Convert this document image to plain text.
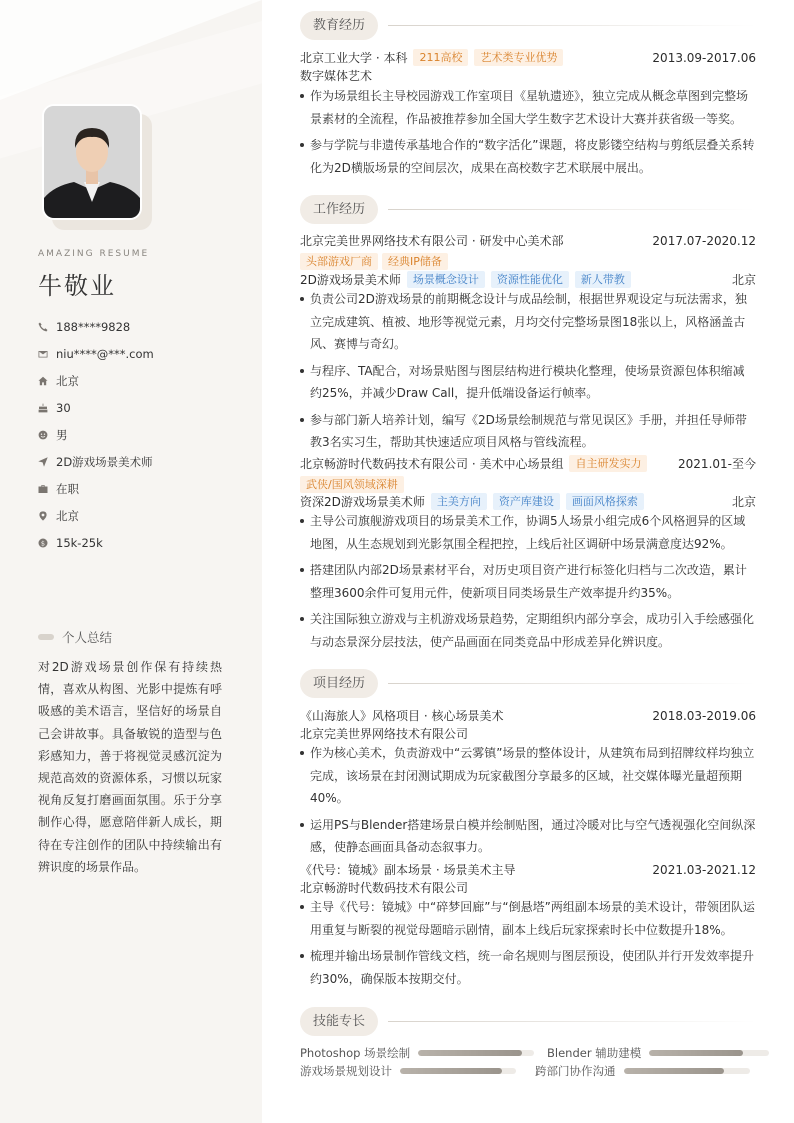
AMAZING RESUME
牛敬业
188****9828
niu****@***.com
北京
30
男
2D游戏场景美术师
在职
北京
$ 15k-25k
个人总结
对2D游戏场景创作保有持续热情，喜欢从构图、光影中提炼有呼吸感的美术语言，坚信好的场景自己会讲故事。具备敏锐的造型与色彩感知力，善于将视觉灵感沉淀为规范高效的资源体系，习惯以玩家视角反复打磨画面氛围。乐于分享制作心得，愿意陪伴新人成长，期待在专注创作的团队中持续输出有辨识度的场景作品。
教育经历
北京工业大学 · 本科	211高校	艺术类专业优势	2013.09-2017.06
数字媒体艺术
作为场景组长主导校园游戏工作室项目《星轨遗迹》，独立完成从概念草图到完整场景素材的全流程，作品被推荐参加全国大学生数字艺术设计大赛并获省级一等奖。
参与学院与非遗传承基地合作的“数字活化”课题，将皮影镂空结构与剪纸层叠关系转化为2D横版场景的空间层次，成果在高校数字艺术联展中展出。
工作经历
北京完美世界网络技术有限公司 · 研发中心美术部	2017.07-2020.12
头部游戏厂商	经典IP储备
2D游戏场景美术师	场景概念设计	资源性能优化	新人带教	北京
负责公司2D游戏场景的前期概念设计与成品绘制，根据世界观设定与玩法需求，独立完成建筑、植被、地形等视觉元素，月均交付完整场景图18张以上，风格涵盖古风、赛博与奇幻。
与程序、TA配合，对场景贴图与图层结构进行模块化整理，使场景资源包体积缩减约25%，并减少Draw Call，提升低端设备运行帧率。
参与部门新人培养计划，编写《2D场景绘制规范与常见误区》手册，并担任导师带教3名实习生，帮助其快速适应项目风格与管线流程。
北京畅游时代数码技术有限公司 · 美术中心场景组	自主研发实力	2021.01-至今
武侠/国风领域深耕
资深2D游戏场景美术师	主美方向	资产库建设	画面风格探索	北京
主导公司旗舰游戏项目的场景美术工作，协调5人场景小组完成6个风格迥异的区域地图，从生态规划到光影氛围全程把控，上线后社区调研中场景满意度达92%。
搭建团队内部2D场景素材平台，对历史项目资产进行标签化归档与二次改造，累计整理3600余件可复用元件，使新项目同类场景生产效率提升约35%。
关注国际独立游戏与主机游戏场景趋势，定期组织内部分享会，成功引入手绘感强化与动态景深分层技法，使产品画面在同类竞品中形成差异化辨识度。
项目经历
《山海旅人》风格项目 · 核心场景美术	2018.03-2019.06
北京完美世界网络技术有限公司
作为核心美术，负责游戏中“云雾镇”场景的整体设计，从建筑布局到招牌纹样均独立完成，该场景在封闭测试期成为玩家截图分享最多的区域，社交媒体曝光量超预期40%。
运用PS与Blender搭建场景白模并绘制贴图，通过冷暖对比与空气透视强化空间纵深感，使静态画面具备动态叙事力。
《代号：镜城》副本场景 · 场景美术主导	2021.03-2021.12
北京畅游时代数码技术有限公司
主导《代号：镜城》中“碎梦回廊”与“倒悬塔”两组副本场景的美术设计，带领团队运用重复与断裂的视觉母题暗示剧情，副本上线后玩家探索时长中位数提升18%。
梳理并输出场景制作管线文档，统一命名规则与图层预设，使团队并行开发效率提升约30%，确保版本按期交付。
技能专长
Photoshop 场景绘制	Blender 辅助建模
游戏场景规划设计	跨部门协作沟通
